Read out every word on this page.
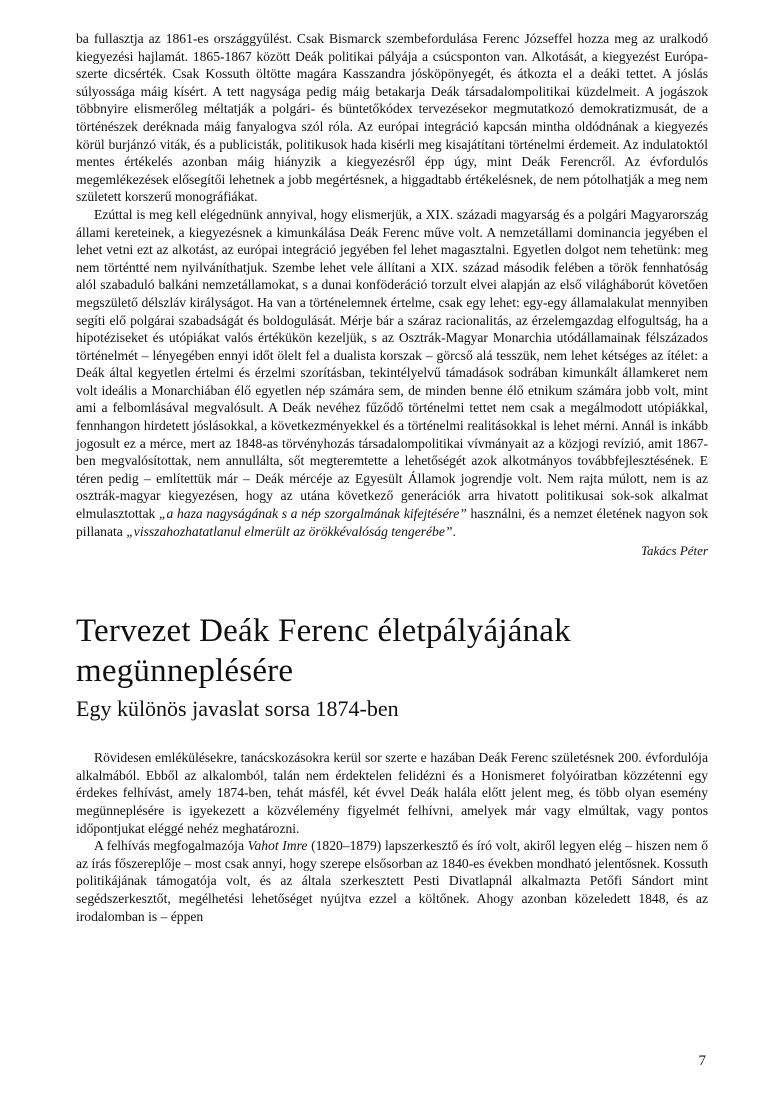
ba fullasztja az 1861-es országgyűlést. Csak Bismarck szembefordulása Ferenc Józseffel hozza meg az uralkodó kiegyezési hajlamát. 1865-1867 között Deák politikai pályája a csúcsponton van. Alkotását, a kiegyezést Európa-szerte dicsérték. Csak Kossuth öltötte magára Kasszandra jósköpönyegét, és átkozta el a deáki tettet. A jóslás súlyossága máig kísért. A tett nagysága pedig máig betakarja Deák társadalompolitikai küzdelmeit. A jogászok többnyire elismerőleg méltatják a polgári- és büntetőkódex tervezésekor megmutatkozó demokratizmusát, de a történészek deréknada máig fanyalogva szól róla. Az európai integráció kapcsán mintha oldódnának a kiegyezés körül burjánzó viták, és a publicisták, politikusok hada kisérli meg kisajátítani történelmi érdemeit. Az indulatoktól mentes értékelés azonban máig hiányzik a kiegyezésről épp úgy, mint Deák Ferencről. Az évfordulós megemlékezések elősegítői lehetnek a jobb megértésnek, a higgadtabb értékelésnek, de nem pótolhatják a meg nem született korszerű monográfiákat.

Ezúttal is meg kell elégednünk annyival, hogy elismerjük, a XIX. századi magyarság és a polgári Magyarország állami kereteinek, a kiegyezésnek a kimunkálása Deák Ferenc műve volt. A nemzetállami dominancia jegyében el lehet vetni ezt az alkotást, az európai integráció jegyében fel lehet magasztalni. Egyetlen dolgot nem tehetünk: meg nem történtté nem nyilváníthatjuk. Szembe lehet vele állítani a XIX. század második felében a török fennhatóság alól szabaduló balkáni nemzetállamokat, s a dunai konföderáció torzult elvei alapján az első világháborút követően megszülető délszláv királyságot. Ha van a történelemnek értelme, csak egy lehet: egy-egy államalakulat mennyiben segíti elő polgárai szabadságát és boldogulását. Mérje bár a száraz racionalitás, az érzelemgazdag elfogultság, ha a hipotéziseket és utópiákat valós értékükön kezeljük, s az Osztrák-Magyar Monarchia utódállamainak félszázados történelmét – lényegében ennyi időt ölelt fel a dualista korszak – görcső alá tesszük, nem lehet kétséges az ítélet: a Deák által kegyetlen értelmi és érzelmi szorításban, tekintélyelvű támadások sodrában kimunkált államkeret nem volt ideális a Monarchiában élő egyetlen nép számára sem, de minden benne élő etnikum számára jobb volt, mint ami a felbomlásával megvalósult. A Deák nevéhez fűződő történelmi tettet nem csak a megálmodott utópiákkal, fennhangon hirdetett jóslásokkal, a következményekkel és a történelmi realitásokkal is lehet mérni. Annál is inkább jogosult ez a mérce, mert az 1848-as törvényhozás társadalompolitikai vívmányait az a közjogi revízió, amit 1867-ben megvalósítottak, nem annullálta, sőt megteremtette a lehetőségét azok alkotmányos továbbfejlesztésének. E téren pedig – említettük már – Deák mércéje az Egyesült Államok jogrendje volt. Nem rajta múlott, nem is az osztrák-magyar kiegyezésen, hogy az utána következő generációk arra hivatott politikusai sok-sok alkalmat elmulasztottak „a haza nagyságának s a nép szorgalmának kifejtésére” használni, és a nemzet életének nagyon sok pillanata „visszahozhatatlanul elmerült az örökkévalóság tengerébe”.

Takács Péter

Tervezet Deák Ferenc életpályájának megünneplésére
Egy különös javaslat sorsa 1874-ben

Rövidesen emlékülésekre, tanácskozásokra kerül sor szerte e hazában Deák Ferenc születésnek 200. évfordulója alkalmából. Ebből az alkalomból, talán nem érdektelen felidézni és a Honismeret folyóiratban közzétenni egy érdekes felhívást, amely 1874-ben, tehát másfél, két évvel Deák halála előtt jelent meg, és több olyan esemény megünneplésére is igyekezett a közvélemény figyelmét felhívni, amelyek már vagy elmúltak, vagy pontos időpontjukat eléggé nehéz meghatározni.

A felhívás megfogalmazója Vahot Imre (1820–1879) lapszerkesztő és író volt, akiről legyen elég – hiszen nem ő az írás főszereplője – most csak annyi, hogy szerepe elsősorban az 1840-es években mondható jelentősnek. Kossuth politikájának támogatója volt, és az általa szerkesztett Pesti Divatlapnál alkalmazta Petőfi Sándort mint segédszerkesztőt, megélhetési lehetőséget nyújtva ezzel a költőnek. Ahogy azonban közeledett 1848, és az irodalomban is – éppen

7
